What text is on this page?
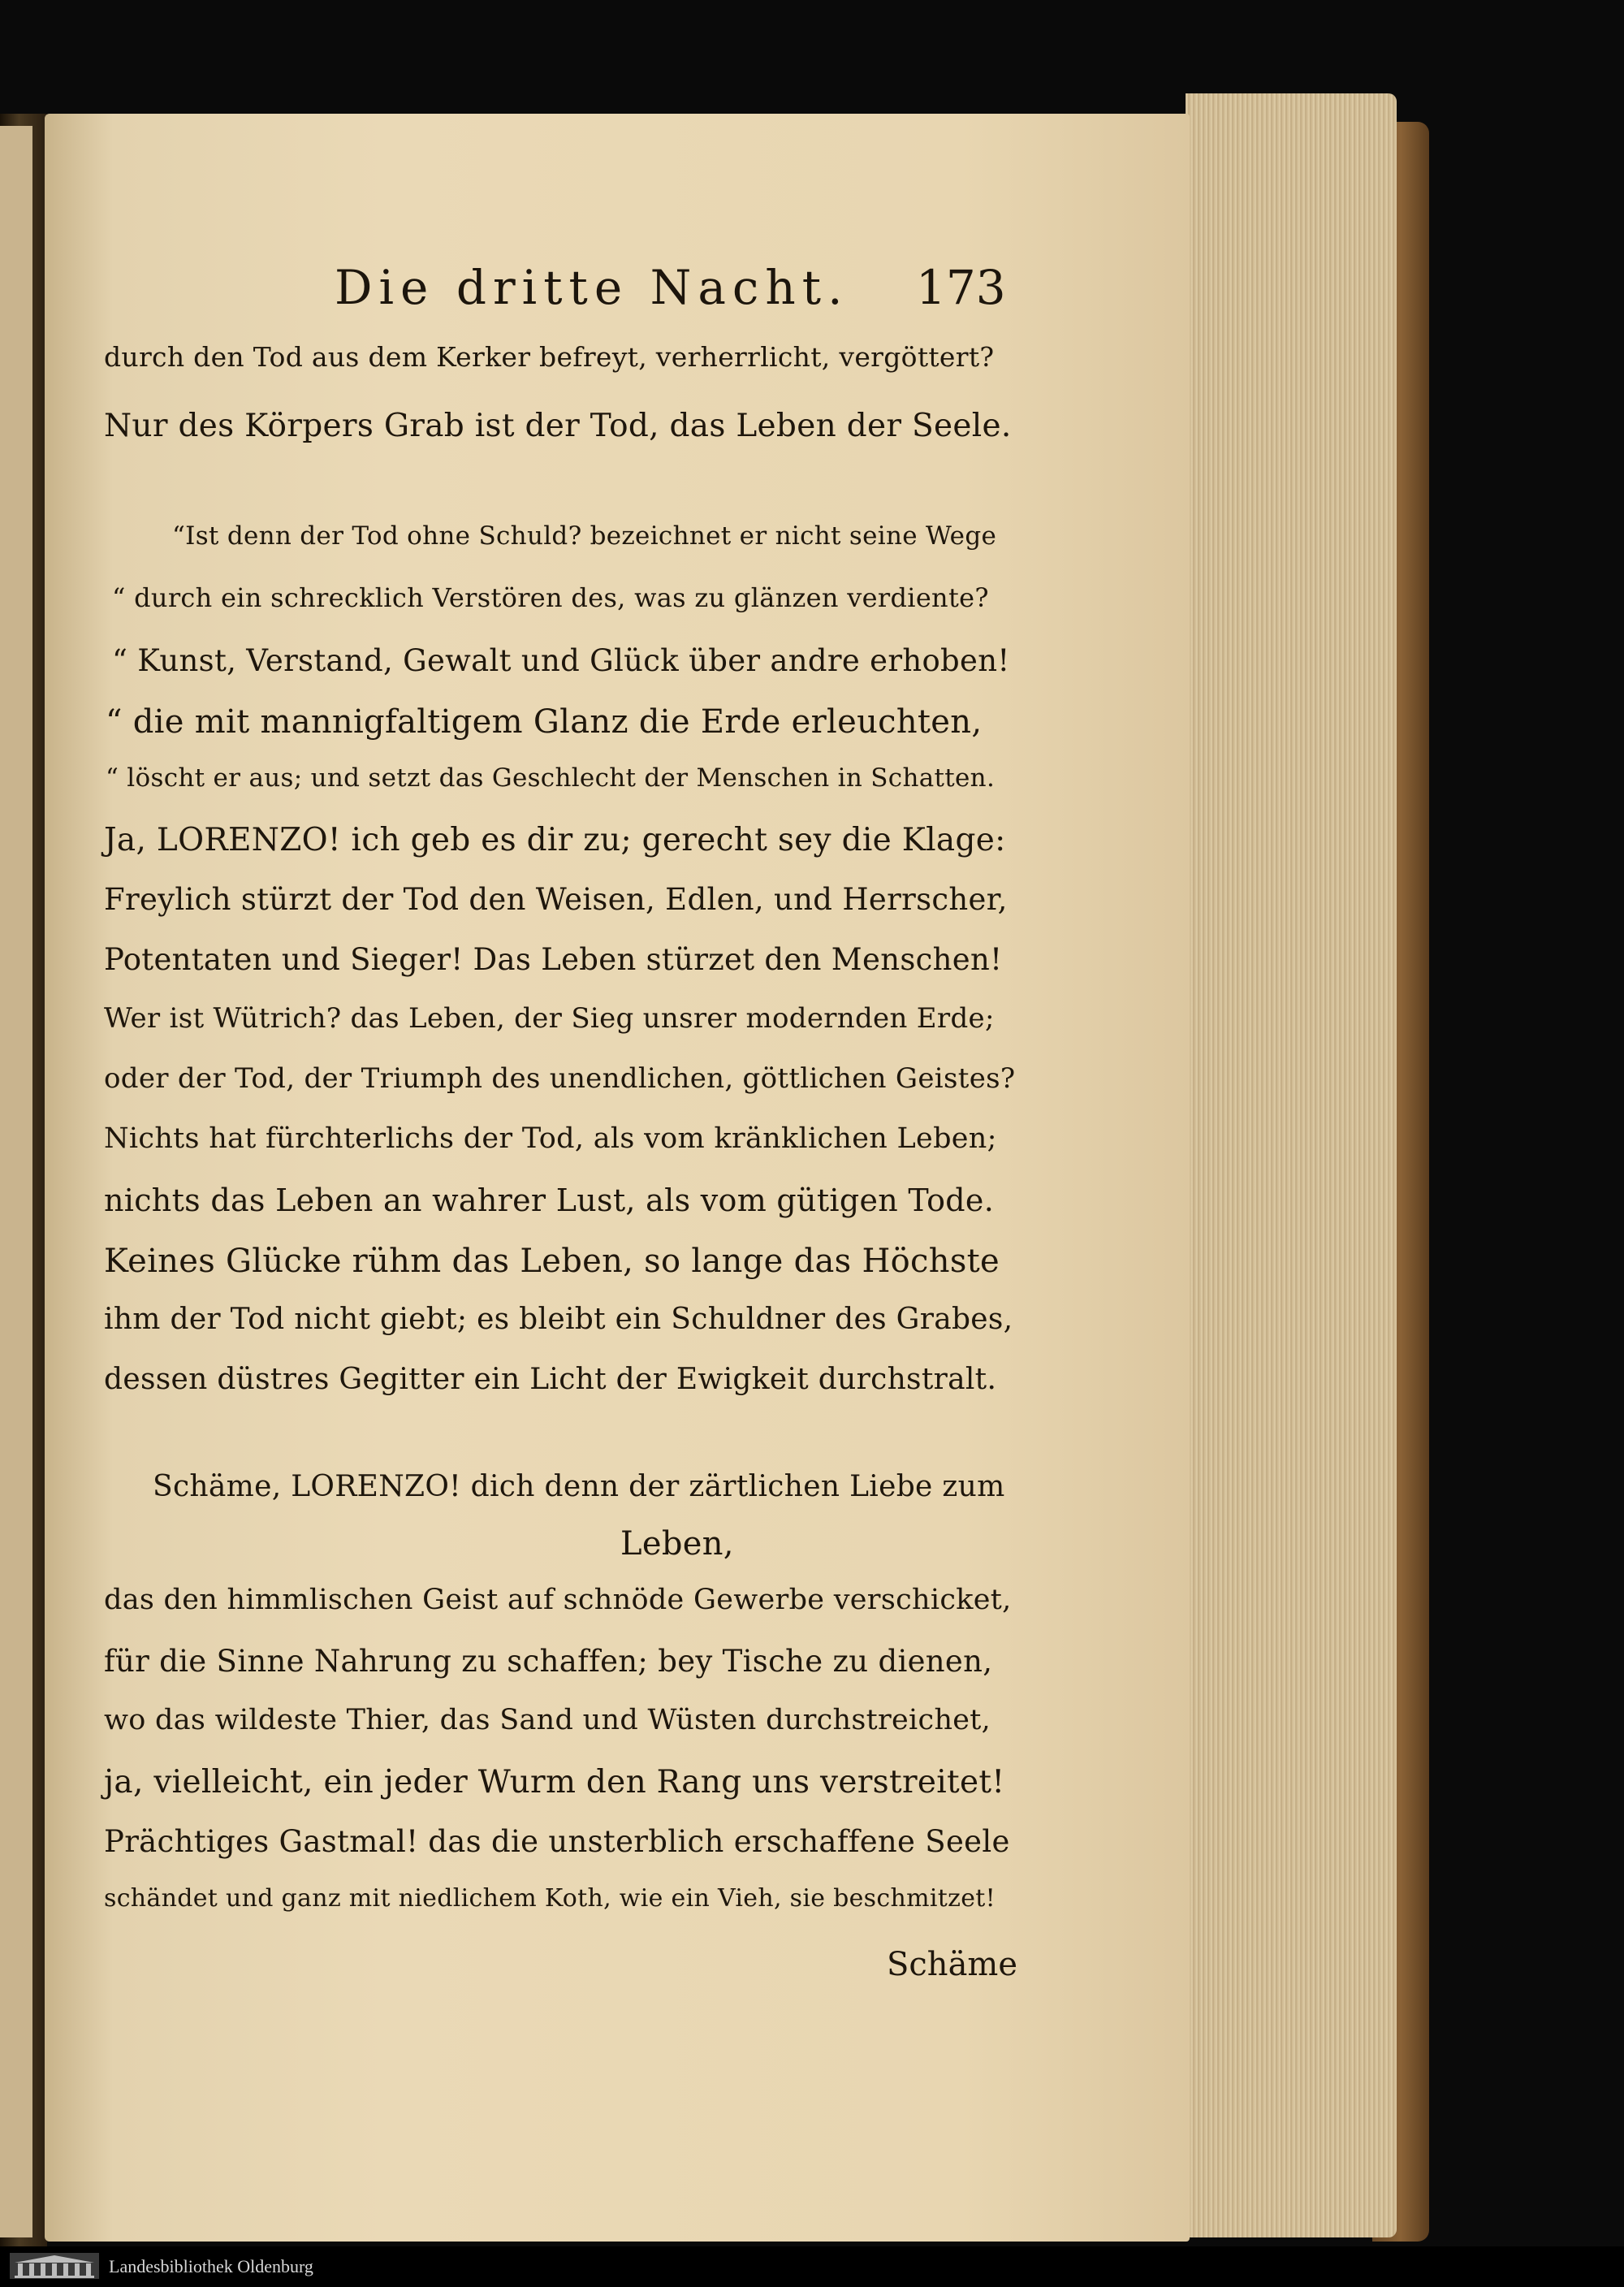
Die dritte Nacht. 173
durch den Tod aus dem Kerker befreyt, verherrlicht, vergöttert?
Nur des Körpers Grab ist der Tod, das Leben der Seele.
“Ist denn der Tod ohne Schuld? bezeichnet er nicht seine Wege
“ durch ein schrecklich Verstören des, was zu glänzen verdiente?
“ Kunst, Verstand, Gewalt und Glück über andre erhoben!
“ die mit mannigfaltigem Glanz die Erde erleuchten,
“ löscht er aus; und setzt das Geschlecht der Menschen in Schatten.
Ja, LORENZO! ich geb es dir zu; gerecht sey die Klage:
Freylich stürzt der Tod den Weisen, Edlen, und Herrscher,
Potentaten und Sieger! Das Leben stürzet den Menschen!
Wer ist Wütrich? das Leben, der Sieg unsrer modernden Erde;
oder der Tod, der Triumph des unendlichen, göttlichen Geistes?
Nichts hat fürchterlichs der Tod, als vom kränklichen Leben;
nichts das Leben an wahrer Lust, als vom gütigen Tode.
Keines Glücke rühm das Leben, so lange das Höchste
ihm der Tod nicht giebt; es bleibt ein Schuldner des Grabes,
dessen düstres Gegitter ein Licht der Ewigkeit durchstralt.
Schäme, LORENZO! dich denn der zärtlichen Liebe zum
Leben,
das den himmlischen Geist auf schnöde Gewerbe verschicket,
für die Sinne Nahrung zu schaffen; bey Tische zu dienen,
wo das wildeste Thier, das Sand und Wüsten durchstreichet,
ja, vielleicht, ein jeder Wurm den Rang uns verstreitet!
Prächtiges Gastmal! das die unsterblich erschaffene Seele
schändet und ganz mit niedlichem Koth, wie ein Vieh, sie beschmitzet!
Schäme
Landesbibliothek Oldenburg
